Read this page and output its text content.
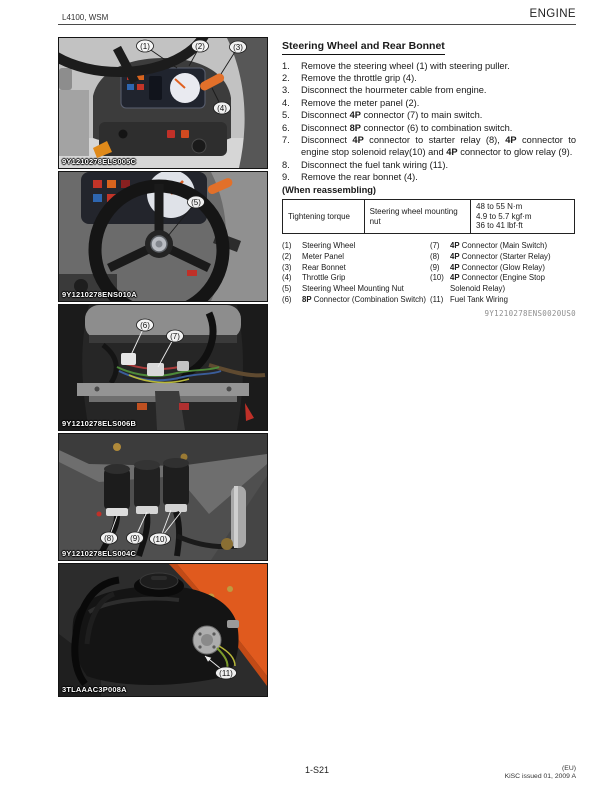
L4100, WSM	ENGINE
(1)	(2)	(3)
(4)
9Y1210278ELS005C
(5)
9Y1210278ENS010A
(6)
(7)
9Y1210278ELS006B
(8) (9) (10)
9Y1210278ELS004C
(11)
3TLAAAC3P008A
Steering Wheel and Rear Bonnet
1.	Remove the steering wheel (1) with steering puller.
2.	Remove the throttle grip (4).
3.	Disconnect the hourmeter cable from engine.
4.	Remove the meter panel (2).
5.	Disconnect 4P connector (7) to main switch.
6.	Disconnect 8P connector (6) to combination switch.
7.	Disconnect 4P connector to starter relay (8), 4P connector to engine stop solenoid relay(10) and 4P connector to glow relay (9).
8.	Disconnect the fuel tank wiring (11).
9.	Remove the rear bonnet (4).

(When reassembling)

Tightening torque	Steering wheel mounting nut	
48 to 55 N·m
4.9 to 5.7 kgf·m
36 to 41 lbf·ft
(1)	Steering Wheel
(2)	Meter Panel
(3)	Rear Bonnet
(4)	Throttle Grip
(5)	Steering Wheel Mounting Nut
(6)	8P Connector (Combination Switch)
(7)	4P Connector (Main Switch)
(8)	4P Connector (Starter Relay)
(9)	4P Connector (Glow Relay)
(10) 4P Connector (Engine Stop
Solenoid Relay)
(11) Fuel Tank Wiring
9Y1210278ENS0020US0
1-S21	(EU)
KiSC issued 01, 2009 A
